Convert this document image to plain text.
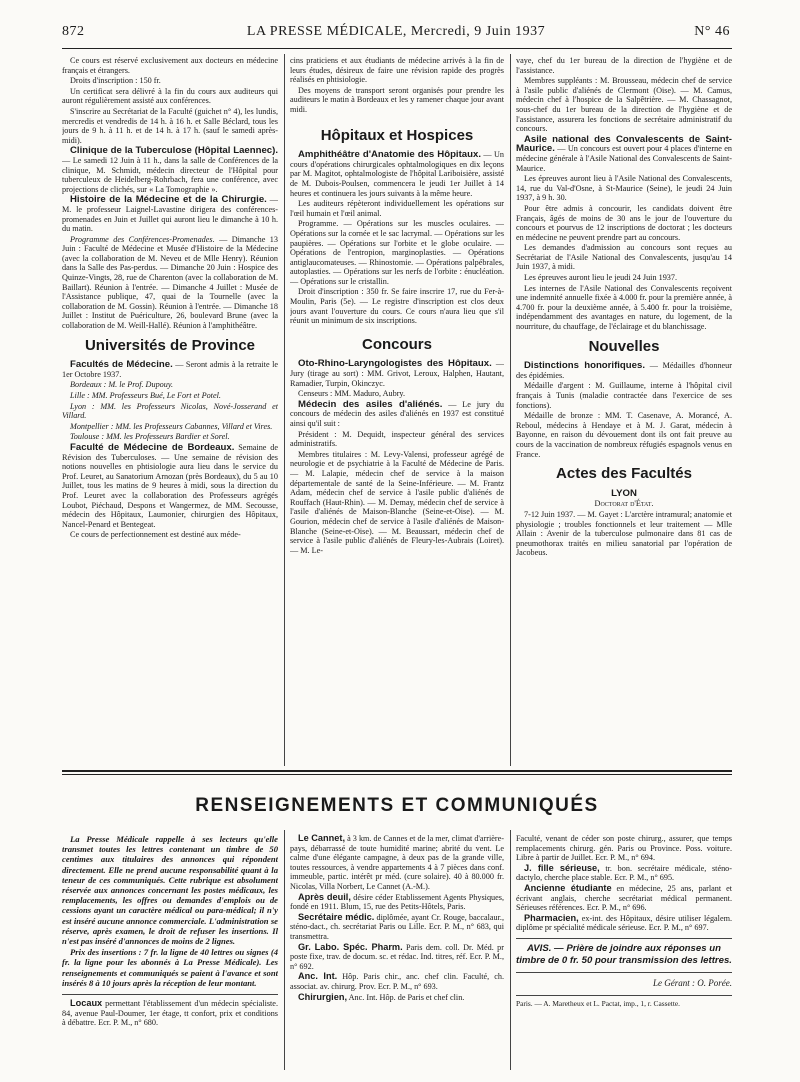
872	LA PRESSE MÉDICALE, Mercredi, 9 Juin 1937	N° 46

Ce cours est réservé exclusivement aux docteurs en médecine français et étrangers.

Droits d'inscription : 150 fr.

Un certificat sera délivré à la fin du cours aux auditeurs qui auront régulièrement assisté aux conférences.

S'inscrire au Secrétariat de la Faculté (guichet n° 4), les lundis, mercredis et vendredis de 14 h. à 16 h. et Salle Béclard, tous les jours de 9 h. à 11 h. et de 14 h. à 17 h. (sauf le samedi après-midi).

Clinique de la Tuberculose (Hôpital Laennec). — Le samedi 12 Juin à 11 h., dans la salle de Conférences de la clinique, M. Schmidt, médecin directeur de l'Hôpital pour tuberculeux de Heidelberg-Rohrbach, fera une conférence, avec projections de clichés, sur « La Tomographie ».

Histoire de la Médecine et de la Chirurgie. — M. le professeur Laignel-Lavastine dirigera des conférences-promenades en Juin et Juillet qui auront lieu le dimanche à 10 h. du matin.

Programme des Conférences-Promenades. — Dimanche 13 Juin : Faculté de Médecine et Musée d'Histoire de la Médecine (avec la collaboration de M. Neveu et de Mlle Henry). Réunion dans la Salle des Pas-perdus. — Dimanche 20 Juin : Hospice des Quinze-Vingts, 28, rue de Charenton (avec la collaboration de M. Baillart). Réunion à l'entrée. — Dimanche 4 Juillet : Musée de l'Assistance publique, 47, quai de la Tournelle (avec la collaboration de M. Gossin). Réunion à l'entrée. — Dimanche 18 Juillet : Institut de Puériculture, 26, boulevard Brune (avec la collaboration de M. Weill-Hallé). Réunion à l'amphithéâtre.

Universités de Province

Facultés de Médecine. — Seront admis à la retraite le 1er Octobre 1937.

Bordeaux : M. le Prof. Dupouy.

Lille : MM. Professeurs Bué, Le Fort et Potel.

Lyon : MM. les Professeurs Nicolas, Nové-Josserand et Villard.

Montpellier : MM. les Professeurs Cabannes, Villard et Vires.

Toulouse : MM. les Professeurs Bardier et Sorel.

Faculté de Médecine de Bordeaux. Semaine de Révision des Tuberculoses. — Une semaine de révision des notions nouvelles en phtisiologie aura lieu dans le service du Prof. Leuret, au Sanatorium Arnozan (près Bordeaux), du 5 au 10 Juillet, tous les matins de 9 heures à midi, sous la direction du Prof. Leuret avec la collaboration des Professeurs agrégés Loubot, Piéchaud, Despons et Wangermez, de MM. Secousse, médecin des Hôpitaux, Laumonier, chirurgien des Hôpitaux, Nancel-Penard et Bentegeat.

Ce cours de perfectionnement est destiné aux méde-

cins praticiens et aux étudiants de médecine arrivés à la fin de leurs études, désireux de faire une révision rapide des progrès réalisés en phtisiologie.

Des moyens de transport seront organisés pour prendre les auditeurs le matin à Bordeaux et les y ramener chaque jour avant midi.

Hôpitaux et Hospices

Amphithéâtre d'Anatomie des Hôpitaux. — Un cours d'opérations chirurgicales ophtalmologiques en dix leçons par M. Magitot, ophtalmologiste de l'hôpital Lariboisière, assisté de M. Dubois-Poulsen, commencera le jeudi 1er Juillet à 14 heures et continuera les jours suivants à la même heure.

Les auditeurs répèteront individuellement les opérations sur l'œil humain et l'œil animal.

Programme. — Opérations sur les muscles oculaires. — Opérations sur la cornée et le sac lacrymal. — Opérations sur les paupières. — Opérations sur l'orbite et le globe oculaire. — Opérations de l'entropion, marginoplasties. — Opérations antiglaucomateuses. — Rhinostomie. — Opérations palpébrales, autoplasties. — Opérations sur les nerfs de l'orbite : énucléation. — Opérations sur le cristallin.

Droit d'inscription : 350 fr. Se faire inscrire 17, rue du Fer-à-Moulin, Paris (5e). — Le registre d'inscription est clos deux jours avant l'ouverture du cours. Ce cours n'aura lieu que s'il réunit un minimum de six inscriptions.

Concours

Oto-Rhino-Laryngologistes des Hôpitaux. — Jury (tirage au sort) : MM. Grivot, Leroux, Halphen, Hautant, Ramadier, Turpin, Okinczyc.

Censeurs : MM. Maduro, Aubry.

Médecin des asiles d'aliénés. — Le jury du concours de médecin des asiles d'aliénés en 1937 est constitué ainsi qu'il suit :

Président : M. Dequidt, inspecteur général des services administratifs.

Membres titulaires : M. Levy-Valensi, professeur agrégé de neurologie et de psychiatrie à la Faculté de Médecine de Paris. — M. Lalapie, médecin chef de service à la maison départementale de santé de la Seine-Inférieure. — M. Frantz Adam, médecin chef de service à l'asile public d'aliénés de Rouffach (Haut-Rhin). — M. Demay, médecin chef de service à l'asile d'aliénés de Maison-Blanche (Seine-et-Oise). — M. Gourion, médecin chef de service à l'asile d'aliénés de Maison-Blanche (Seine-et-Oise). — M. Beaussart, médecin chef de service à l'asile public d'aliénés de Fleury-les-Aubrais (Loiret). — M. Le-

vaye, chef du 1er bureau de la direction de l'hygiène et de l'assistance.

Membres suppléants : M. Brousseau, médecin chef de service à l'asile public d'aliénés de Clermont (Oise). — M. Camus, médecin chef à l'hospice de la Salpêtrière. — M. Chassagnot, sous-chef du 1er bureau de la direction de l'hygiène et de l'assistance, assurera les fonctions de secrétaire administratif du concours.

Asile national des Convalescents de Saint-Maurice. — Un concours est ouvert pour 4 places d'interne en médecine générale à l'Asile National des Convalescents de Saint-Maurice.

Les épreuves auront lieu à l'Asile National des Convalescents, 14, rue du Val-d'Osne, à St-Maurice (Seine), le jeudi 24 Juin 1937, à 9 h. 30.

Pour être admis à concourir, les candidats doivent être Français, âgés de moins de 30 ans le jour de l'ouverture du concours et pourvus de 12 inscriptions de doctorat ; les docteurs en médecine ne peuvent prendre part au concours.

Les demandes d'admission au concours sont reçues au Secrétariat de l'Asile National des Convalescents, jusqu'au 14 Juin 1937, à midi.

Les épreuves auront lieu le jeudi 24 Juin 1937.

Les internes de l'Asile National des Convalescents reçoivent une indemnité annuelle fixée à 4.000 fr. pour la première année, à 4.700 fr. pour la deuxième année, à 5.400 fr. pour la troisième, indépendamment des avantages en nature, du logement, de la nourriture, du chauffage, de l'éclairage et du blanchissage.

Nouvelles

Distinctions honorifiques. — Médailles d'honneur des épidémies.

Médaille d'argent : M. Guillaume, interne à l'hôpital civil français à Tunis (maladie contractée dans l'exercice de ses fonctions).

Médaille de bronze : MM. T. Casenave, A. Morancé, A. Reboul, médecins à Hendaye et à M. J. Garat, médecin à Bayonne, en raison du dévouement dont ils ont fait preuve au cours de la vaccination de nombreux réfugiés espagnols venus en France.

Actes des Facultés

LYON

Doctorat d'État.

7-12 Juin 1937. — M. Gayet : L'arctère intramural; anatomie et physiologie ; troubles fonctionnels et leur traitement — Mlle Allain : Avenir de la tuberculose pulmonaire dans 81 cas de pneumothorax traités en milieu sanatorial par l'opération de Jacobeus.

RENSEIGNEMENTS ET COMMUNIQUÉS

La Presse Médicale rappelle à ses lecteurs qu'elle transmet toutes les lettres contenant un timbre de 50 centimes aux titulaires des annonces qui répondent directement. Elle ne prend aucune responsabilité quant à la teneur de ces communiqués. Cette rubrique est absolument réservée aux annonces concernant les postes médicaux, les remplacements, les offres ou demandes d'emplois ou de cessions ayant un caractère médical ou para-médical; il n'y est inséré aucune annonce commerciale. L'administration se réserve, après examen, le droit de refuser les insertions. Il n'est pas inséré d'annonces de moins de 2 lignes.

Prix des insertions : 7 fr. la ligne de 40 lettres ou signes (4 fr. la ligne pour les abonnés à La Presse Médicale). Les renseignements et communiqués se paient à l'avance et sont insérés 8 à 10 jours après la réception de leur montant.

Locaux permettant l'établissement d'un médecin spécialiste. 84, avenue Paul-Doumer, 1er étage, tt confort, prix et conditions à débattre. Ecr. P. M., n° 680.

Le Cannet, à 3 km. de Cannes et de la mer, climat d'arrière-pays, débarrassé de toute humidité marine; abrité du vent. Le calme d'une élégante campagne, à deux pas de la grande ville, toutes ressources, à vendre appartements 4 à 7 pièces dans conf. immeuble, partic. intérêt pr méd. (cure solaire). 40 à 80.000 fr. Nicolas, Villa Norbert, Le Cannet (A.-M.).

Après deuil, désire céder Etablissement Agents Physiques, fondé en 1911. Blum, 15, rue des Petits-Hôtels, Paris.

Secrétaire médic. diplômée, ayant Cr. Rouge, baccalaur., sténo-dact., ch. secrétariat Paris ou Lille. Ecr. P. M., n° 683, qui transmettra.

Gr. Labo. Spéc. Pharm. Paris dem. coll. Dr. Méd. pr poste fixe, trav. de docum. sc. et rédac. Ind. titres, réf. Ecr. P. M., n° 692.

Anc. Int. Hôp. Paris chir., anc. chef clin. Faculté, ch. associat. av. chirurg. Prov. Ecr. P. M., n° 693.

Chirurgien, Anc. Int. Hôp. de Paris et chef clin.

Faculté, venant de céder son poste chirurg., assurer, que temps remplacements chirurg. gén. Paris ou Province. Poss. voiture. Libre à partir de Juillet. Ecr. P. M., n° 694.

J. fille sérieuse, tr. bon. secrétaire médicale, sténo-dactylo, cherche place stable. Ecr. P. M., n° 695.

Ancienne étudiante en médecine, 25 ans, parlant et écrivant anglais, cherche secrétariat médical permanent. Sérieuses références. Ecr. P. M., n° 696.

Pharmacien, ex-int. des Hôpitaux, désire utiliser légalem. diplôme pr spécialité médicale sérieuse. Ecr. P. M., n° 697.

AVIS. — Prière de joindre aux réponses un timbre de 0 fr. 50 pour transmission des lettres.
Le Gérant : O. Porée.
Paris. — A. Maretheux et L. Pactat, imp., 1, r. Cassette.
